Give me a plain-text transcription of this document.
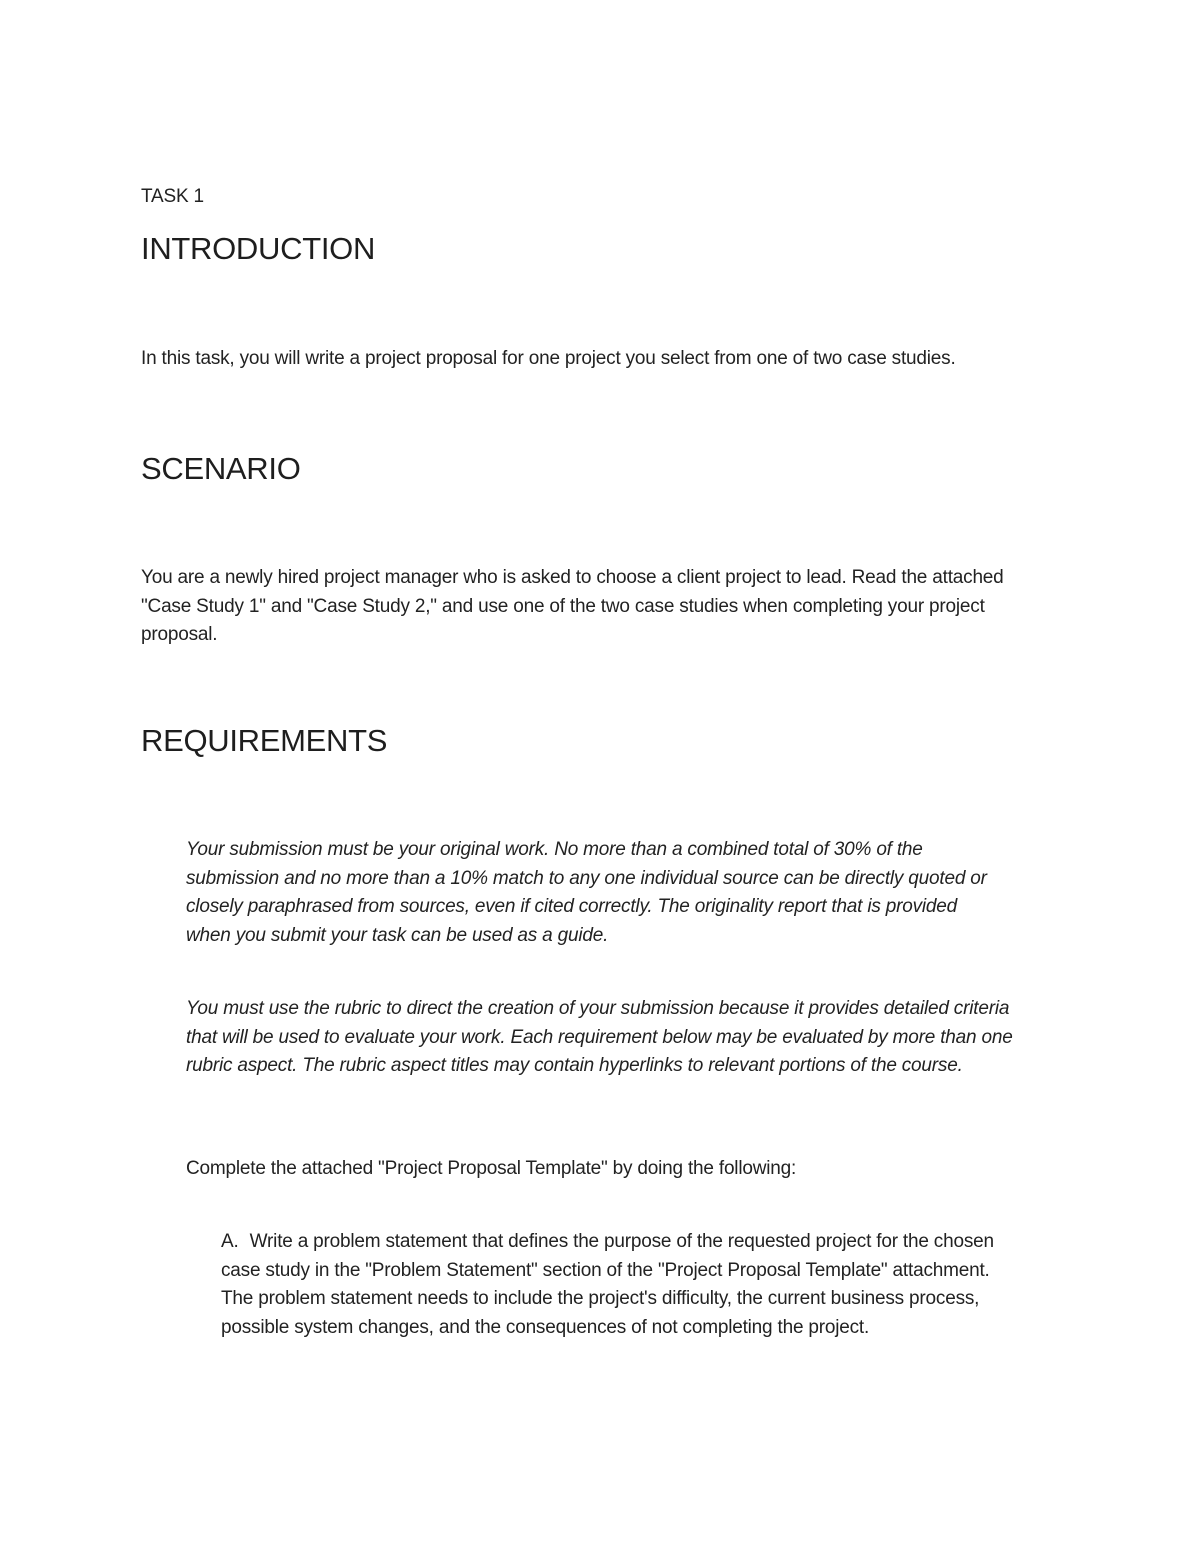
TASK 1

INTRODUCTION

In this task, you will write a project proposal for one project you select from one of two case studies.

SCENARIO

You are a newly hired project manager who is asked to choose a client project to lead. Read the attached "Case Study 1" and "Case Study 2," and use one of the two case studies when completing your project proposal.

REQUIREMENTS

Your submission must be your original work. No more than a combined total of 30% of the submission and no more than a 10% match to any one individual source can be directly quoted or closely paraphrased from sources, even if cited correctly. The originality report that is provided when you submit your task can be used as a guide.

You must use the rubric to direct the creation of your submission because it provides detailed criteria that will be used to evaluate your work. Each requirement below may be evaluated by more than one rubric aspect. The rubric aspect titles may contain hyperlinks to relevant portions of the course.

Complete the attached "Project Proposal Template" by doing the following:

A. Write a problem statement that defines the purpose of the requested project for the chosen case study in the "Problem Statement" section of the "Project Proposal Template" attachment. The problem statement needs to include the project's difficulty, the current business process, possible system changes, and the consequences of not completing the project.
